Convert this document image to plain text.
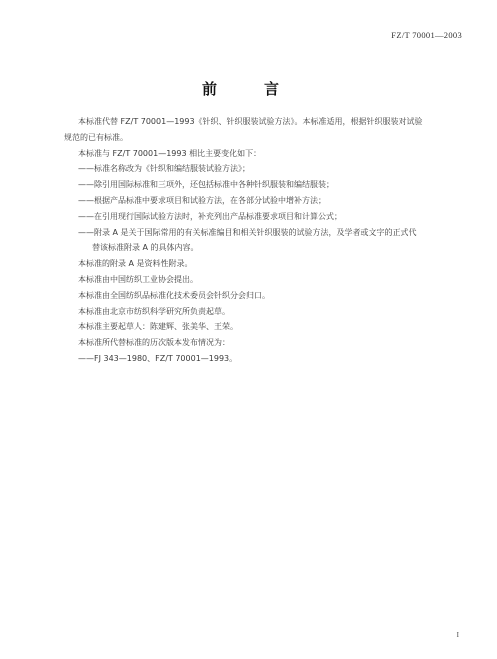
FZ/T 70001—2003
前　言

本标准代替 FZ/T 70001—1993《针织、针织服装试验方法》。本标准适用，根据针织服装对试验

规范的已有标准。

本标准与 FZ/T 70001—1993 相比主要变化如下：

——标准名称改为《针织和编结服装试验方法》；

——除引用国际标准和三项外，还包括标准中各种针织服装和编结服装；

——根据产品标准中要求项目和试验方法，在各部分试验中增补方法；

——在引用现行国际试验方法时，补充列出产品标准要求项目和计算公式；

——附录 A 是关于国际常用的有关标准编目和相关针织服装的试验方法，及学者或文字的正式代

替该标准附录 A 的具体内容。

本标准的附录 A 是资料性附录。

本标准由中国纺织工业协会提出。

本标准由全国纺织品标准化技术委员会针织分会归口。

本标准由北京市纺织科学研究所负责起草。

本标准主要起草人：陈建辉、张美华、王荣。

本标准所代替标准的历次版本发布情况为：

——FJ 343—1980、FZ/T 70001—1993。

I
